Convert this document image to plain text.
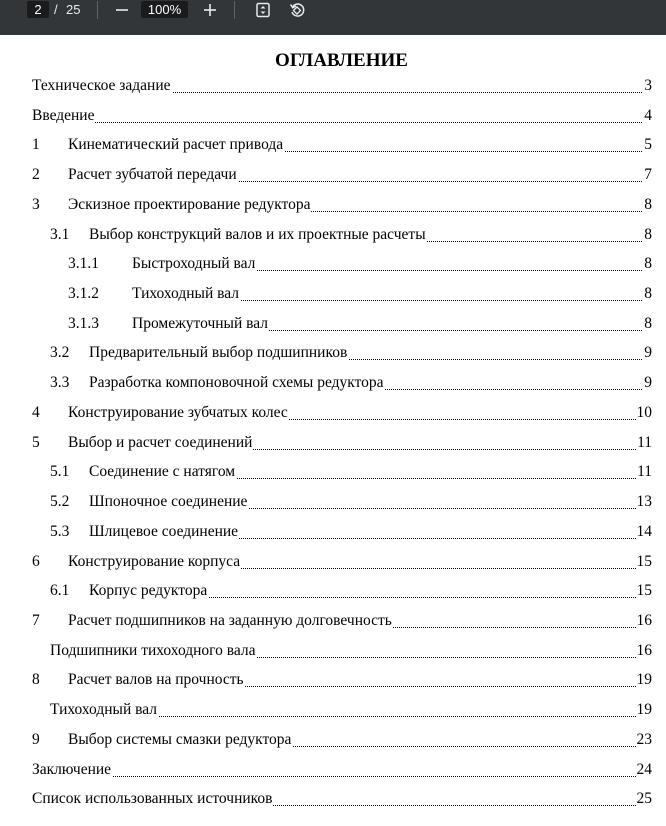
2 / 25	100%
ОГЛАВЛЕНИЕ
Техническое задание	3
Введение	4
1 Кинематический расчет привода	5
2 Расчет зубчатой передачи	7
3 Эскизное проектирование редуктора	8
3.1 Выбор конструкций валов и их проектные расчеты	8
3.1.1 Быстроходный вал	8
3.1.2 Тихоходный вал	8
3.1.3 Промежуточный вал	8
3.2 Предварительный выбор подшипников	9
3.3 Разработка компоновочной схемы редуктора	9
4 Конструирование зубчатых колес	10
5 Выбор и расчет соединений	11
5.1 Соединение с натягом	11
5.2 Шпоночное соединение	13
5.3 Шлицевое соединение	14
6 Конструирование корпуса	15
6.1 Корпус редуктора	15
7 Расчет подшипников на заданную долговечность	16
Подшипники тихоходного вала	16
8 Расчет валов на прочность	19
Тихоходный вал	19
9 Выбор системы смазки редуктора	23
Заключение	24
Список использованных источников	25
